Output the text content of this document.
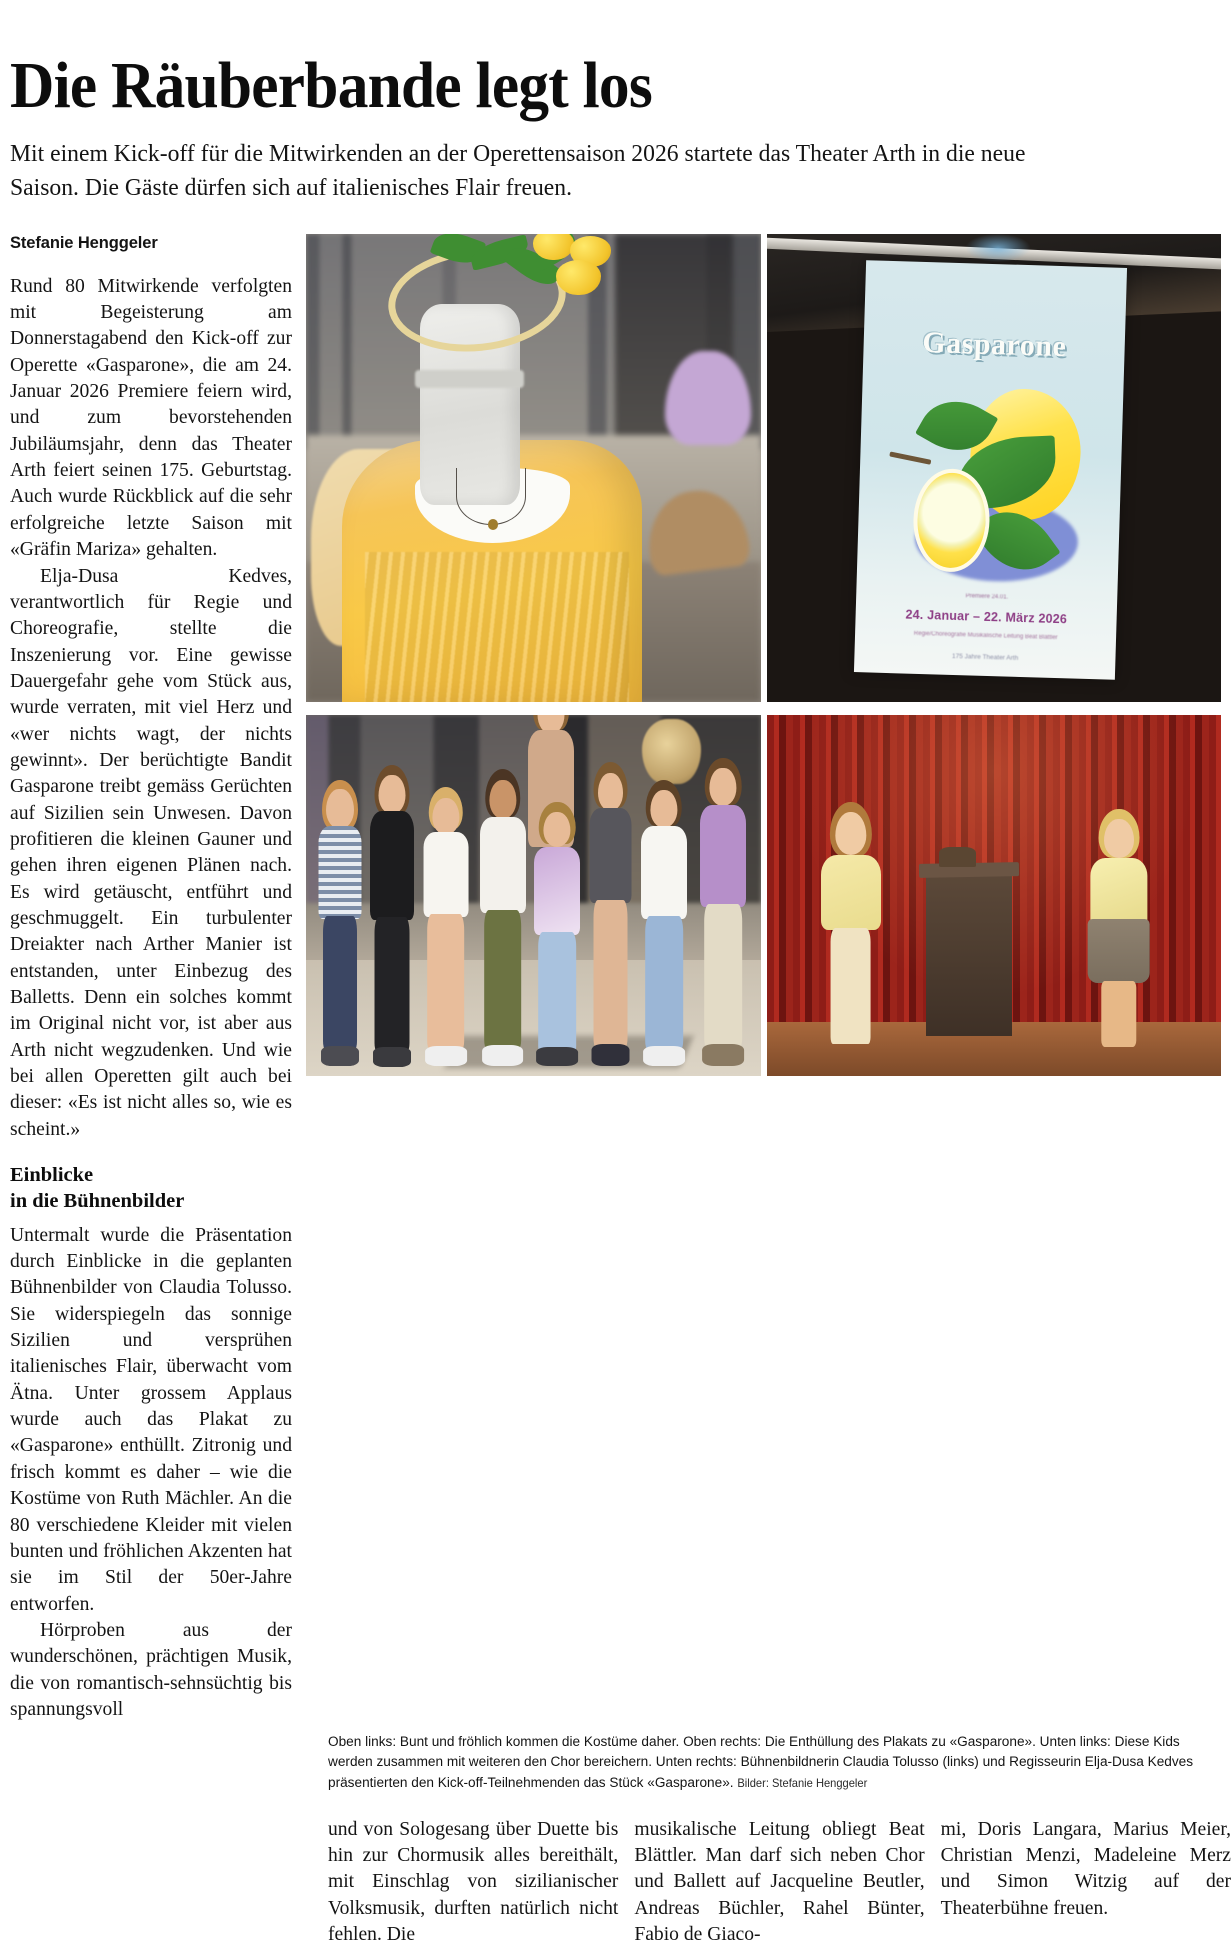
Die Räuberbande legt los

Mit einem Kick-off für die Mitwirkenden an der Operettensaison 2026 startete das Theater Arth in die neue Saison. Die Gäste dürfen sich auf italienisches Flair freuen.

Stefanie Henggeler

Rund 80 Mitwirkende verfolgten mit Begeisterung am Donnerstagabend den Kick-off zur Operette «Gasparone», die am 24. Januar 2026 Premiere feiern wird, und zum bevorstehenden Jubiläumsjahr, denn das Theater Arth feiert seinen 175. Geburtstag. Auch wurde Rückblick auf die sehr erfolgreiche letzte Saison mit «Gräfin Mariza» gehalten.

Elja-Dusa Kedves, verantwortlich für Regie und Choreografie, stellte die Inszenierung vor. Eine gewisse Dauergefahr gehe vom Stück aus, wurde verraten, mit viel Herz und «wer nichts wagt, der nichts gewinnt». Der berüchtigte Bandit Gasparone treibt gemäss Gerüchten auf Sizilien sein Unwesen. Davon profitieren die kleinen Gauner und gehen ihren eigenen Plänen nach. Es wird getäuscht, entführt und geschmuggelt. Ein turbulenter Dreiakter nach Arther Manier ist entstanden, unter Einbezug des Balletts. Denn ein solches kommt im Original nicht vor, ist aber aus Arth nicht wegzudenken. Und wie bei allen Operetten gilt auch bei dieser: «Es ist nicht alles so, wie es scheint.»

Einblicke
in die Bühnenbilder

Untermalt wurde die Präsentation durch Einblicke in die geplanten Bühnenbilder von Claudia Tolusso. Sie widerspiegeln das sonnige Sizilien und versprühen italienisches Flair, überwacht vom Ätna. Unter grossem Applaus wurde auch das Plakat zu «Gasparone» enthüllt. Zitronig und frisch kommt es daher – wie die Kostüme von Ruth Mächler. An die 80 verschiedene Kleider mit vielen bunten und fröhlichen Akzenten hat sie im Stil der 50er-Jahre entworfen.

Hörproben aus der wunderschönen, prächtigen Musik, die von romantisch-sehnsüchtig bis spannungsvoll

Gasparone
Premiere 24.01.
24. Januar – 22. März 2026
Regie/Choreografie Musikalische Leitung Beat Blättler
175 Jahre Theater Arth
Oben links: Bunt und fröhlich kommen die Kostüme daher. Oben rechts: Die Enthüllung des Plakats zu «Gasparone». Unten links: Diese Kids werden zusammen mit weiteren den Chor bereichern. Unten rechts: Bühnenbildnerin Claudia Tolusso (links) und Regisseurin Elja-Dusa Kedves präsentierten den Kick-off-Teilnehmenden das Stück «Gasparone». Bilder: Stefanie Henggeler

und von Sologesang über Duette bis hin zur Chormusik alles bereithält, mit Einschlag von sizilianischer Volksmusik, durften natürlich nicht fehlen. Die

musikalische Leitung obliegt Beat Blättler. Man darf sich neben Chor und Ballett auf Jacqueline Beutler, Andreas Büchler, Rahel Bünter, Fabio de Giaco-

mi, Doris Langara, Marius Meier, Christian Menzi, Madeleine Merz und Simon Witzig auf der Theaterbühne freuen.
